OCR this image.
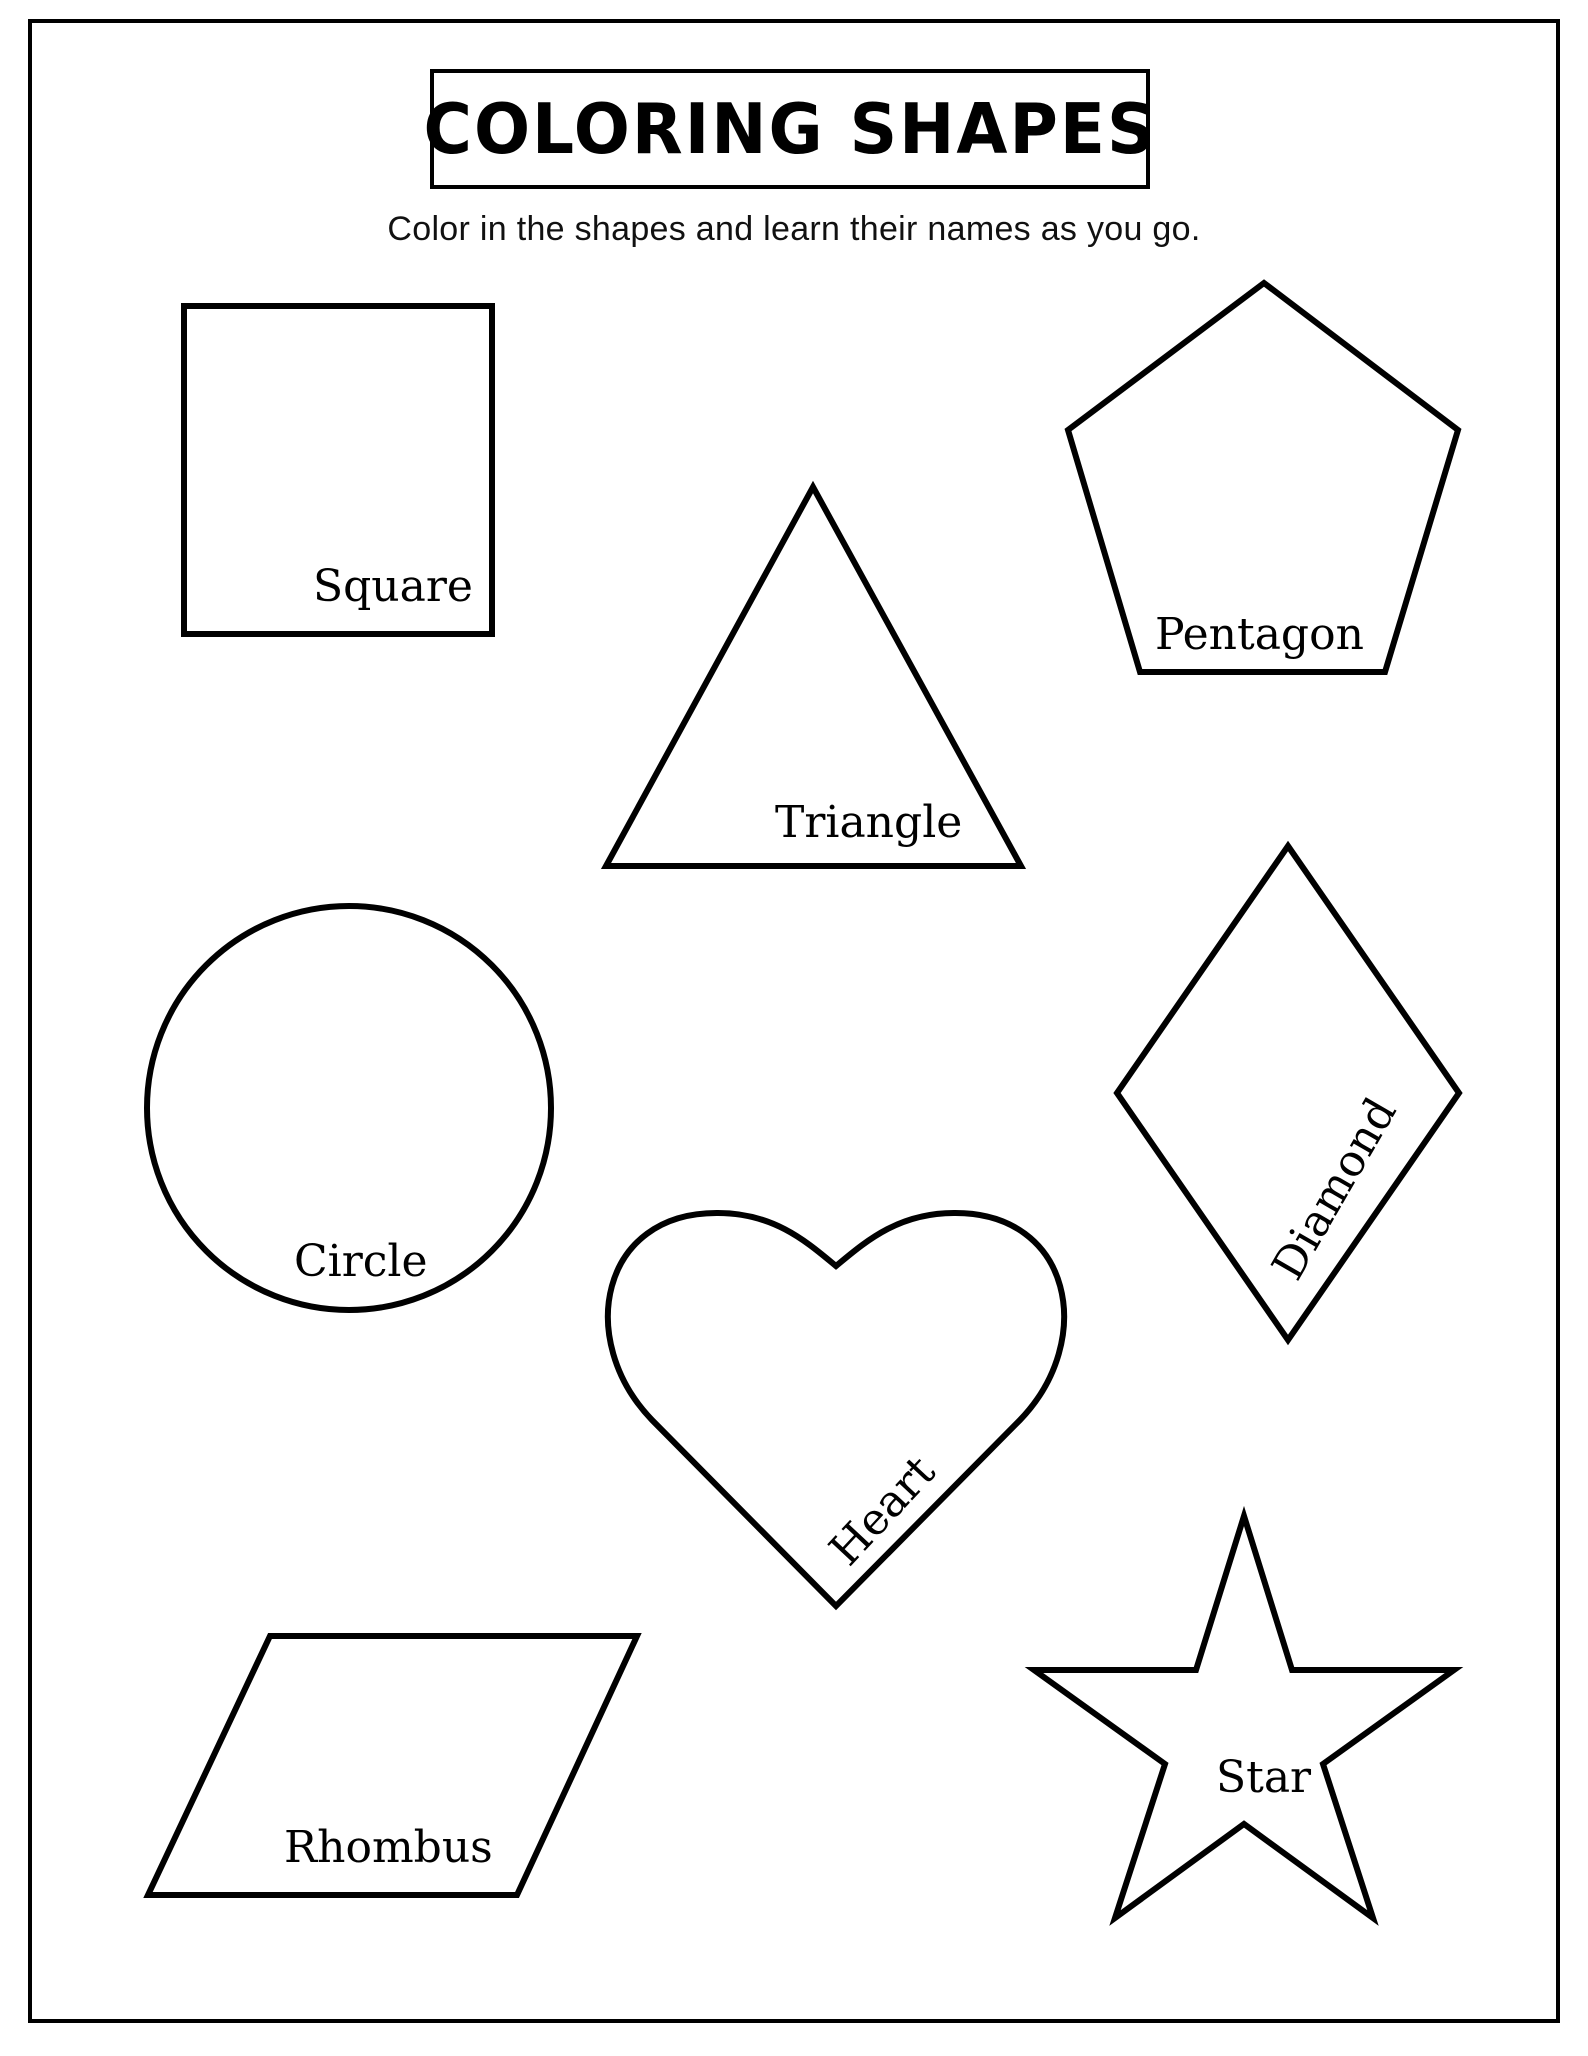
COLORING SHAPES
Color in the shapes and learn their names as you go.
Square
Triangle
Pentagon
Circle	Diamond
Heart
Rhombus
Star
